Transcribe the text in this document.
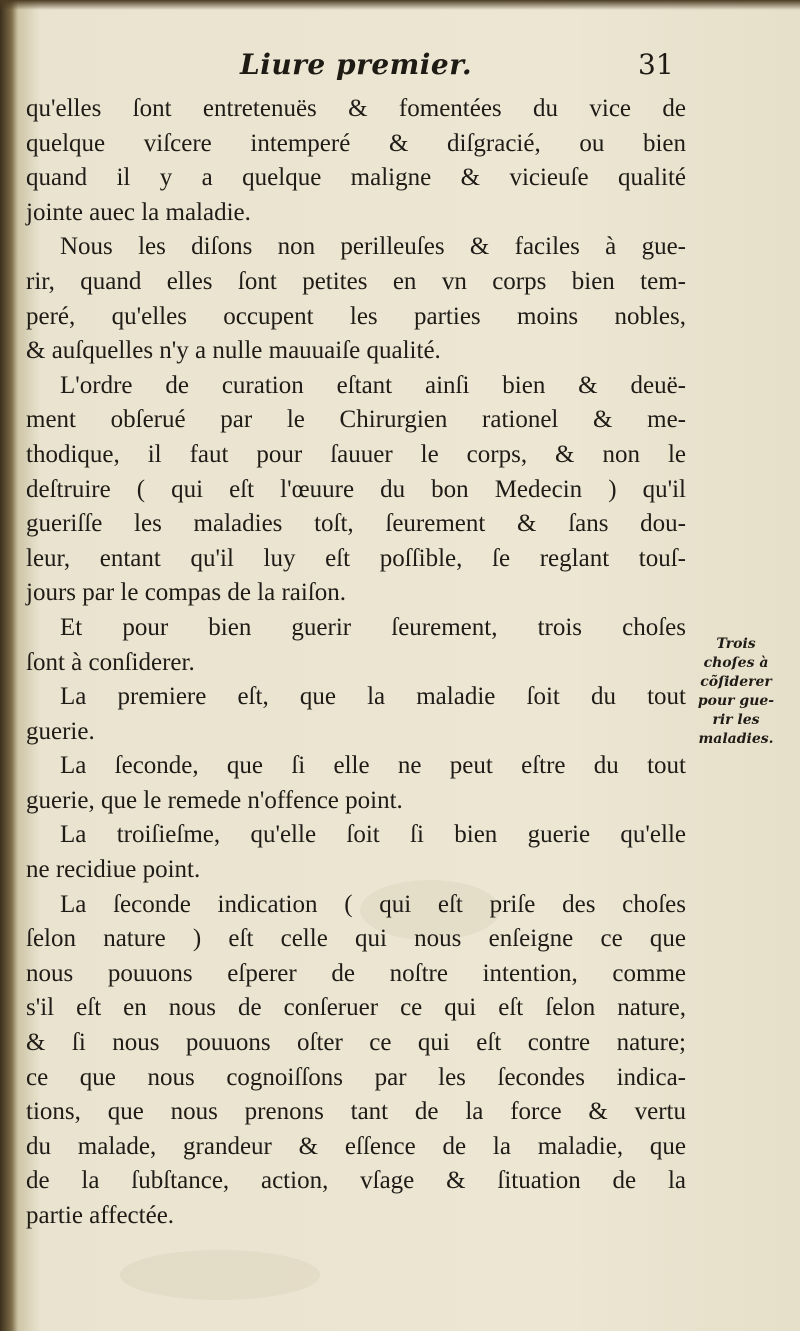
Liure premier.	31
qu'elles ſont entretenuës & fomentées du vice de
quelque viſcere intemperé & diſgracié, ou bien
quand il y a quelque maligne & vicieuſe qualité
jointe auec la maladie.
Nous les diſons non perilleuſes & faciles à gue-
rir, quand elles ſont petites en vn corps bien tem-
peré, qu'elles occupent les parties moins nobles,
& auſquelles n'y a nulle mauuaiſe qualité.
L'ordre de curation eſtant ainſi bien & deuë-
ment obſerué par le Chirurgien rationel & me-
thodique, il faut pour ſauuer le corps, & non le
deſtruire ( qui eſt l'œuure du bon Medecin ) qu'il
gueriſſe les maladies toſt, ſeurement & ſans dou-
leur, entant qu'il luy eſt poſſible, ſe reglant touſ-
jours par le compas de la raiſon.
Et pour bien guerir ſeurement, trois choſes
ſont à conſiderer.
La premiere eſt, que la maladie ſoit du tout
guerie.
La ſeconde, que ſi elle ne peut eſtre du tout
guerie, que le remede n'offence point.
La troiſieſme, qu'elle ſoit ſi bien guerie qu'elle
ne recidiue point.
La ſeconde indication ( qui eſt priſe des choſes
ſelon nature ) eſt celle qui nous enſeigne ce que
nous pouuons eſperer de noſtre intention, comme
s'il eſt en nous de conſeruer ce qui eſt ſelon nature,
& ſi nous pouuons oſter ce qui eſt contre nature;
ce que nous cognoiſſons par les ſecondes indica-
tions, que nous prenons tant de la force & vertu
du malade, grandeur & eſſence de la maladie, que
de la ſubſtance, action, vſage & ſituation de la
partie affectée.
Trois
choſes à
cõſiderer
pour gue-
rir les
maladies.
